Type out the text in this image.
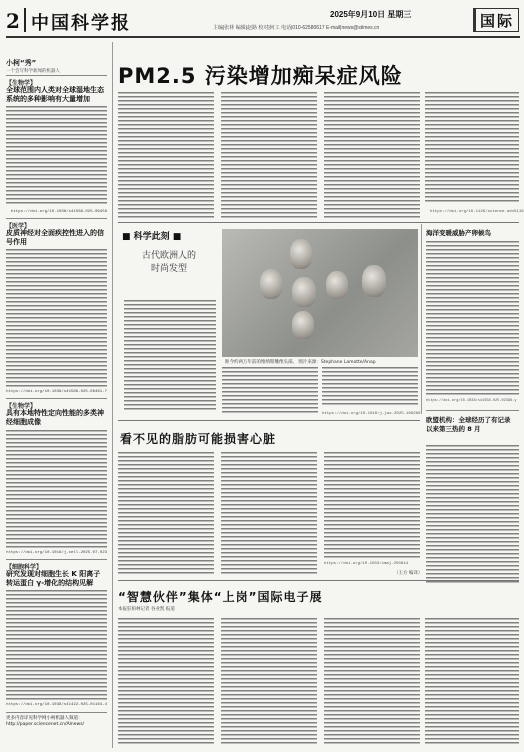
2 中国科学报	2025年9月10日 星期三
主编|张林 编辑|赵路 校对|何工 电话|010-62580617 E-mail|news@stimes.cn	国际
小柯“秀”
一个会写科学新闻的机器人
【生物学】
全球范围内人类对全球湿地生态系统的多种影响有大量增加
https://doi.org/10.1038/s41586-025-09458
【医学】
皮质神经对全面疾控性进入的信号作用
https://doi.org/10.1038/s41586-025-09461-7
【生物学】
具有本地特性定向性能的多类神经细胞成像
https://doi.org/10.1016/j.cell.2025.07.023
【细胞科学】
研究发现对细胞生长 K 阳离子转运蛋白 γ-增化的结构见解
https://doi.org/10.1038/s41422-025-01164-4
更多内容详见科学网小柯机器人频道：http://paper.sciencenet.cn/AInews/
PM2.5 污染增加痴呆症风险
https://doi.org/10.1126/science.adv5116
■ 科学此刻 ■
古代欧洲人的
时尚发型
距今约两万年前的维纳斯雕像头部。 图片来源：Stephane Lamotte/Anap
https://doi.org/10.1016/j.jas.2025.106290
海洋变暖威胁产卵候鸟
https://doi.org/10.1038/s41558-025-02398-y
欧盟机构：全球经历了有记录以来第三热的 8 月
看不见的脂肪可能损害心脏
https://doi.org/10.1503/cmaj.250614
（王方 编译）
“智慧伙伴”集体“上岗”国际电子展
本报驻柏林记者 谷业凯 报道
